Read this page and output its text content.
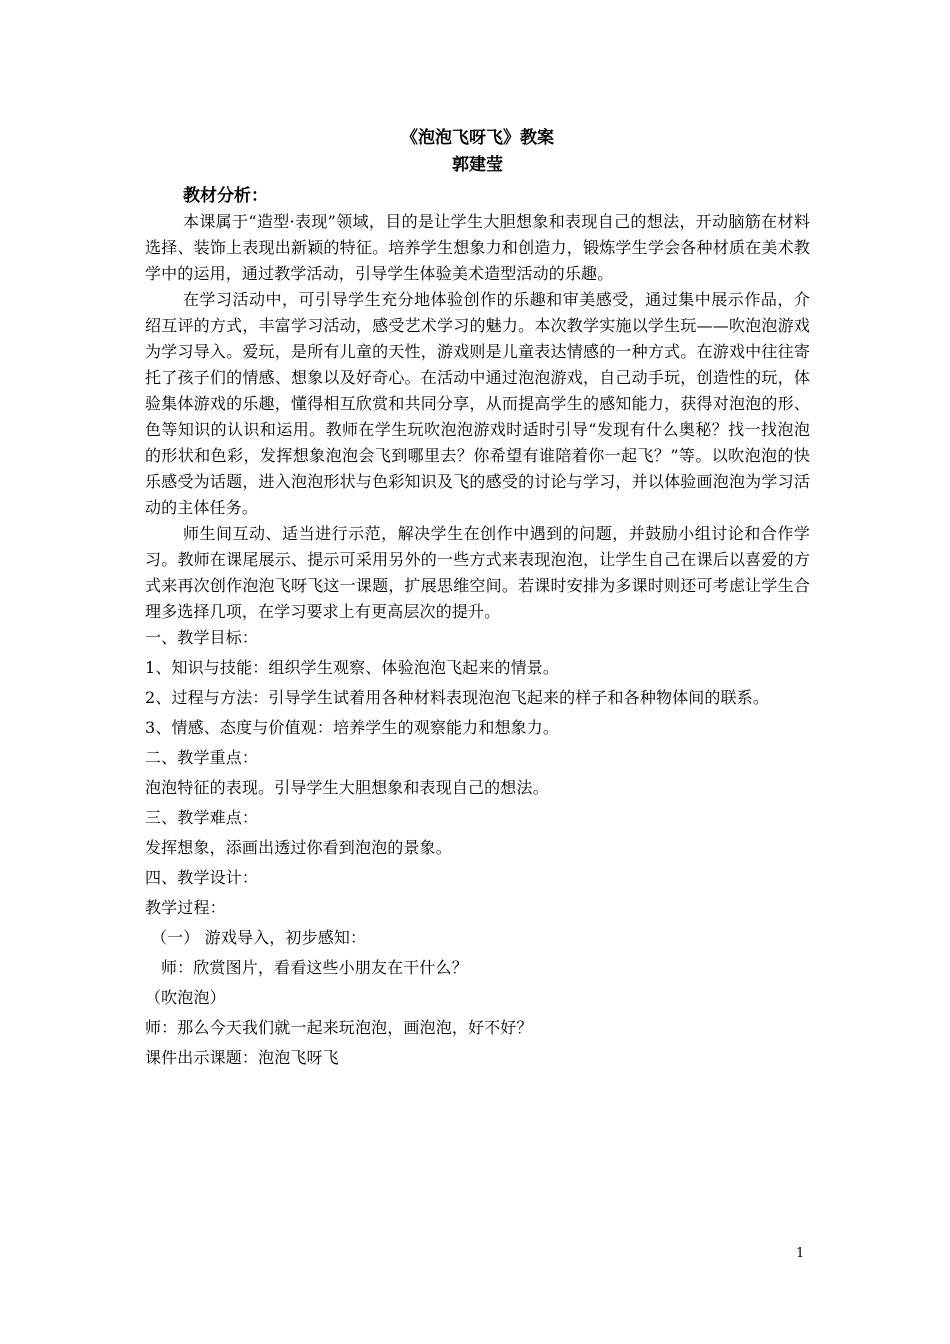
《泡泡飞呀飞》教案

郭建莹

教材分析：

本课属于“造型·表现”领域，目的是让学生大胆想象和表现自己的想法，开动脑筋在材料选择、装饰上表现出新颖的特征。培养学生想象力和创造力，锻炼学生学会各种材质在美术教学中的运用，通过教学活动，引导学生体验美术造型活动的乐趣。

在学习活动中，可引导学生充分地体验创作的乐趣和审美感受，通过集中展示作品，介绍互评的方式，丰富学习活动，感受艺术学习的魅力。本次教学实施以学生玩——吹泡泡游戏为学习导入。爱玩，是所有儿童的天性，游戏则是儿童表达情感的一种方式。在游戏中往往寄托了孩子们的情感、想象以及好奇心。在活动中通过泡泡游戏，自己动手玩，创造性的玩，体验集体游戏的乐趣，懂得相互欣赏和共同分享，从而提高学生的感知能力，获得对泡泡的形、色等知识的认识和运用。教师在学生玩吹泡泡游戏时适时引导“发现有什么奥秘？找一找泡泡的形状和色彩，发挥想象泡泡会飞到哪里去？你希望有谁陪着你一起飞？”等。以吹泡泡的快乐感受为话题，进入泡泡形状与色彩知识及飞的感受的讨论与学习，并以体验画泡泡为学习活动的主体任务。

师生间互动、适当进行示范，解决学生在创作中遇到的问题，并鼓励小组讨论和合作学习。教师在课尾展示、提示可采用另外的一些方式来表现泡泡，让学生自己在课后以喜爱的方式来再次创作泡泡飞呀飞这一课题，扩展思维空间。若课时安排为多课时则还可考虑让学生合理多选择几项，在学习要求上有更高层次的提升。

一、教学目标：

1、知识与技能：组织学生观察、体验泡泡飞起来的情景。

2、过程与方法：引导学生试着用各种材料表现泡泡飞起来的样子和各种物体间的联系。

3、情感、态度与价值观：培养学生的观察能力和想象力。

二、教学重点：

泡泡特征的表现。引导学生大胆想象和表现自己的想法。

三、教学难点：

发挥想象，添画出透过你看到泡泡的景象。

四、教学设计：

教学过程：

（一） 游戏导入，初步感知：

师：欣赏图片，看看这些小朋友在干什么？

（吹泡泡）

师：那么今天我们就一起来玩泡泡，画泡泡，好不好？

课件出示课题：泡泡飞呀飞

1
